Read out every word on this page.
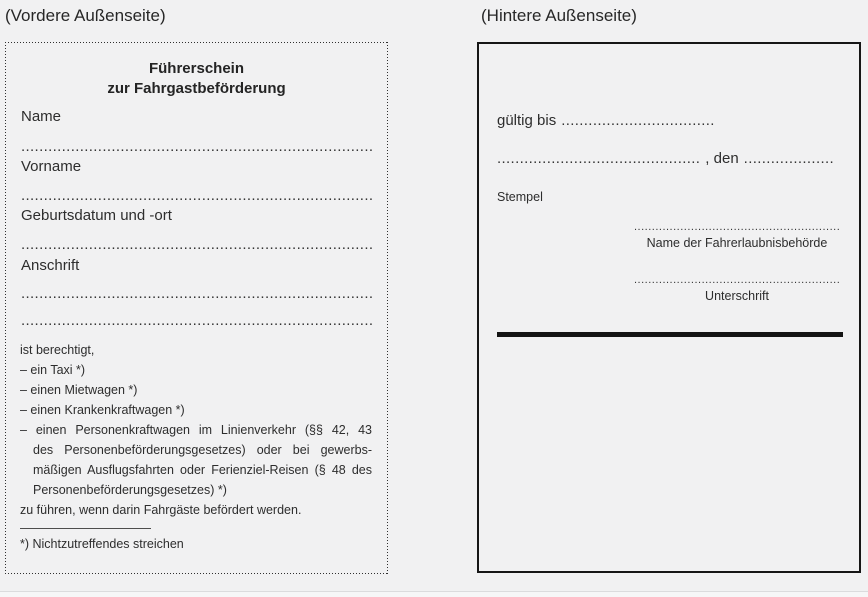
(Vordere Außenseite)	(Hintere Außenseite)
Führerschein
zur Fahrgastbeförderung
Name
..............................................................................
Vorname
..............................................................................
Geburtsdatum und -ort
..............................................................................
Anschrift
..............................................................................
..............................................................................
ist berechtigt,
– ein Taxi *)
– einen Mietwagen *)
– einen Krankenkraftwagen *)
– einen Personenkraftwagen im Linienverkehr (§§ 42, 43
des Personenbeförderungsgesetzes) oder bei gewerbs-
mäßigen Ausflugsfahrten oder Ferienziel-Reisen (§ 48 des
Personenbeförderungsgesetzes) *)
zu führen, wenn darin Fahrgäste befördert werden.
*) Nichtzutreffendes streichen
gültig bis ..................................
............................................. , den ....................
Stempel
..........................................................
Name der Fahrerlaubnisbehörde
..........................................................
Unterschrift
